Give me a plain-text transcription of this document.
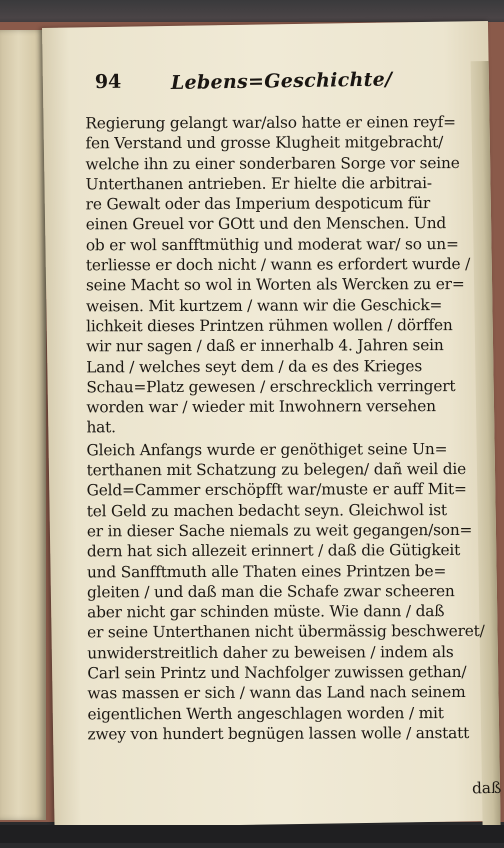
94	Lebens=Geschichte/
Regierung gelangt war/also hatte er einen reyf=
fen Verstand und grosse Klugheit mitgebracht/
welche ihn zu einer sonderbaren Sorge vor seine
Unterthanen antrieben. Er hielte die arbitrai-
re Gewalt oder das Imperium despoticum für
einen Greuel vor GOtt und den Menschen. Und
ob er wol sanfftmüthig und moderat war/ so un=
terliesse er doch nicht / wann es erfordert wurde /
seine Macht so wol in Worten als Wercken zu er=
weisen. Mit kurtzem / wann wir die Geschick=
lichkeit dieses Printzen rühmen wollen / dörffen
wir nur sagen / daß er innerhalb 4. Jahren sein
Land / welches seyt dem / da es des Krieges
Schau=Platz gewesen / erschrecklich verringert
worden war / wieder mit Inwohnern versehen
hat.
Gleich Anfangs wurde er genöthiget seine Un=
terthanen mit Schatzung zu belegen/ dañ weil die
Geld=Cammer erschöpfft war/muste er auff Mit=
tel Geld zu machen bedacht seyn. Gleichwol ist
er in dieser Sache niemals zu weit gegangen/son=
dern hat sich allezeit erinnert / daß die Gütigkeit
und Sanfftmuth alle Thaten eines Printzen be=
gleiten / und daß man die Schafe zwar scheeren
aber nicht gar schinden müste. Wie dann / daß
er seine Unterthanen nicht übermässig beschweret/
unwiderstreitlich daher zu beweisen / indem als
Carl sein Printz und Nachfolger zuwissen gethan/
was massen er sich / wann das Land nach seinem
eigentlichen Werth angeschlagen worden / mit
zwey von hundert begnügen lassen wolle / anstatt
daß
